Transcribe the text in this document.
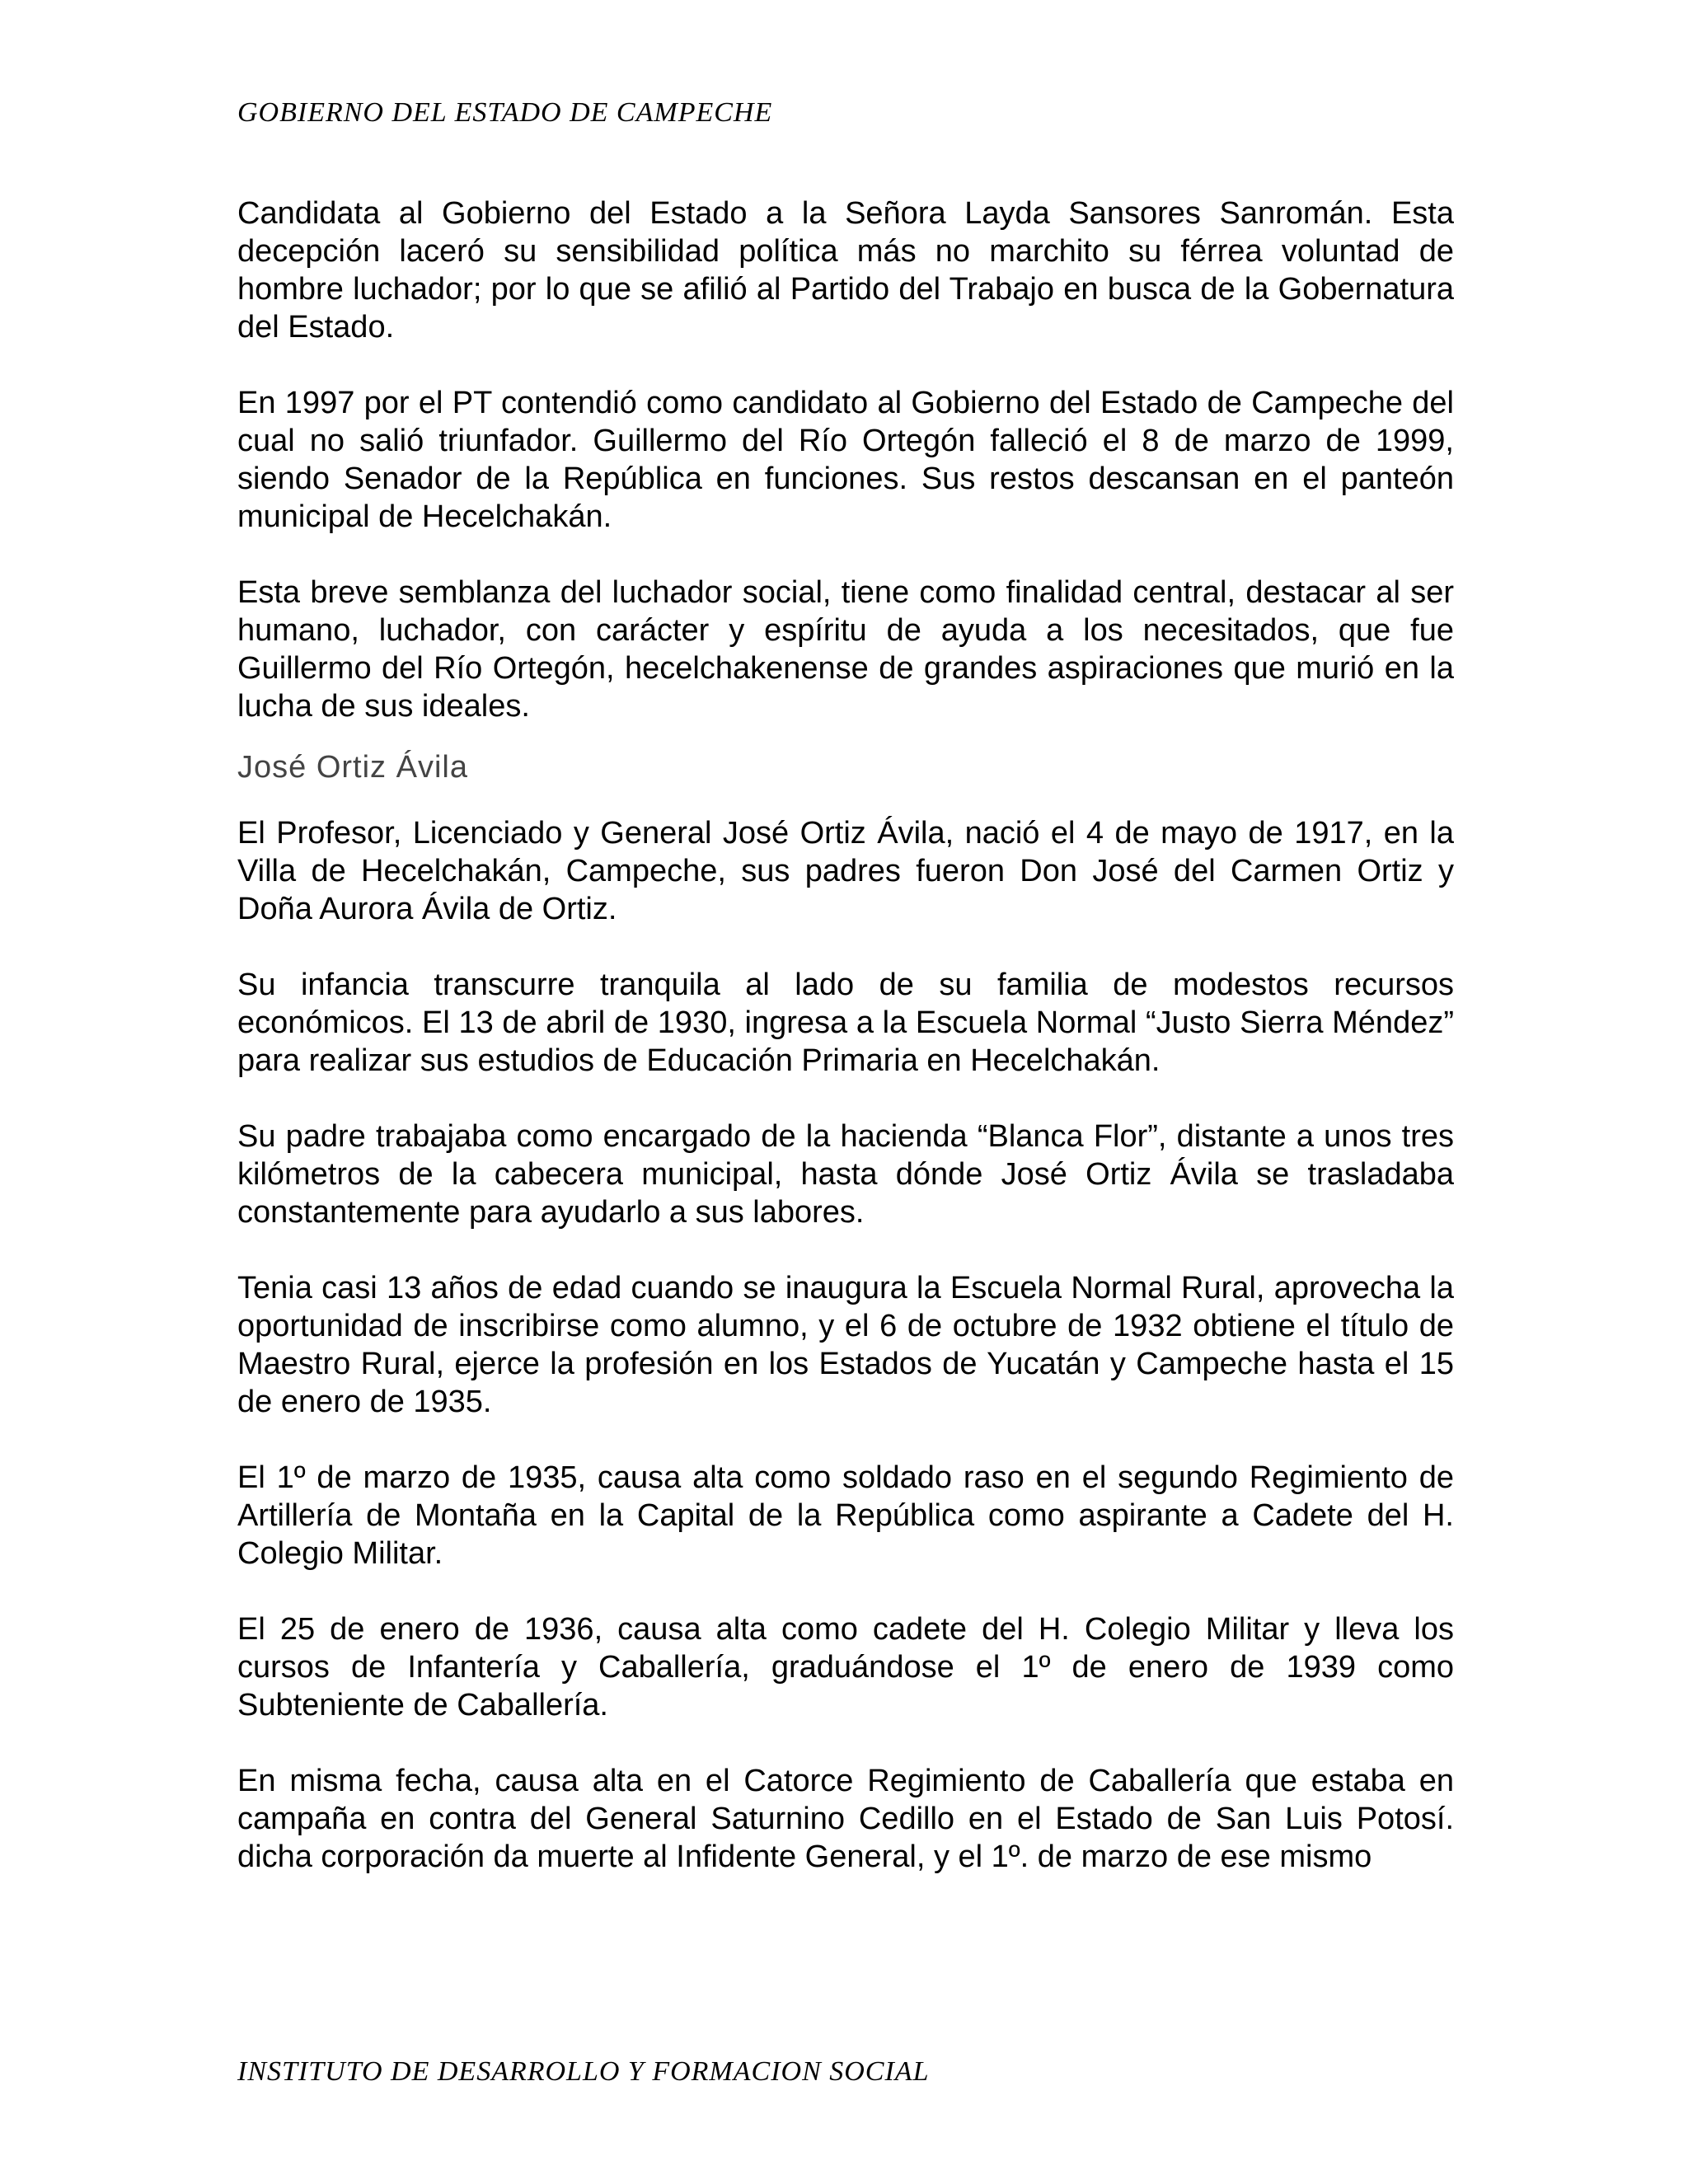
GOBIERNO DEL ESTADO DE CAMPECHE

Candidata al Gobierno del Estado a la Señora Layda Sansores Sanromán. Esta decepción laceró su sensibilidad política más no marchito su férrea voluntad de hombre luchador; por lo que se afilió al Partido del Trabajo en busca de la Gobernatura del Estado.

En 1997 por el PT contendió como candidato al Gobierno del Estado de Campeche del cual no salió triunfador. Guillermo del Río Ortegón falleció el 8 de marzo de 1999, siendo Senador de la República en funciones. Sus restos descansan en el panteón municipal de Hecelchakán.

Esta breve semblanza del luchador social, tiene como finalidad central, destacar al ser humano, luchador, con carácter y espíritu de ayuda a los necesitados, que fue Guillermo del Río Ortegón, hecelchakenense de grandes aspiraciones que murió en la lucha de sus ideales.

José Ortiz Ávila

El Profesor, Licenciado y General José Ortiz Ávila, nació el 4 de mayo de 1917, en la Villa de Hecelchakán, Campeche, sus padres fueron Don José del Carmen Ortiz y Doña Aurora Ávila de Ortiz.

Su infancia transcurre tranquila al lado de su familia de modestos recursos económicos. El 13 de abril de 1930, ingresa a la Escuela Normal “Justo Sierra Méndez” para realizar sus estudios de Educación Primaria en Hecelchakán.

Su padre trabajaba como encargado de la hacienda “Blanca Flor”, distante a unos tres kilómetros de la cabecera municipal, hasta dónde José Ortiz Ávila se trasladaba constantemente para ayudarlo a sus labores.

Tenia casi 13 años de edad cuando se inaugura la Escuela Normal Rural, aprovecha la oportunidad de inscribirse como alumno, y el 6 de octubre de 1932 obtiene el título de Maestro Rural, ejerce la profesión en los Estados de Yucatán y Campeche hasta el 15 de enero de 1935.

El 1º de marzo de 1935, causa alta como soldado raso en el segundo Regimiento de Artillería de Montaña en la Capital de la República como aspirante a Cadete del H. Colegio Militar.

El 25 de enero de 1936, causa alta como cadete del H. Colegio Militar y lleva los cursos de Infantería y Caballería, graduándose el 1º de enero de 1939 como Subteniente de Caballería.

En misma fecha, causa alta en el Catorce Regimiento de Caballería que estaba en campaña en contra del General Saturnino Cedillo en el Estado de San Luis Potosí. dicha corporación da muerte al Infidente General, y el 1º. de marzo de ese mismo

INSTITUTO DE DESARROLLO Y FORMACION SOCIAL
